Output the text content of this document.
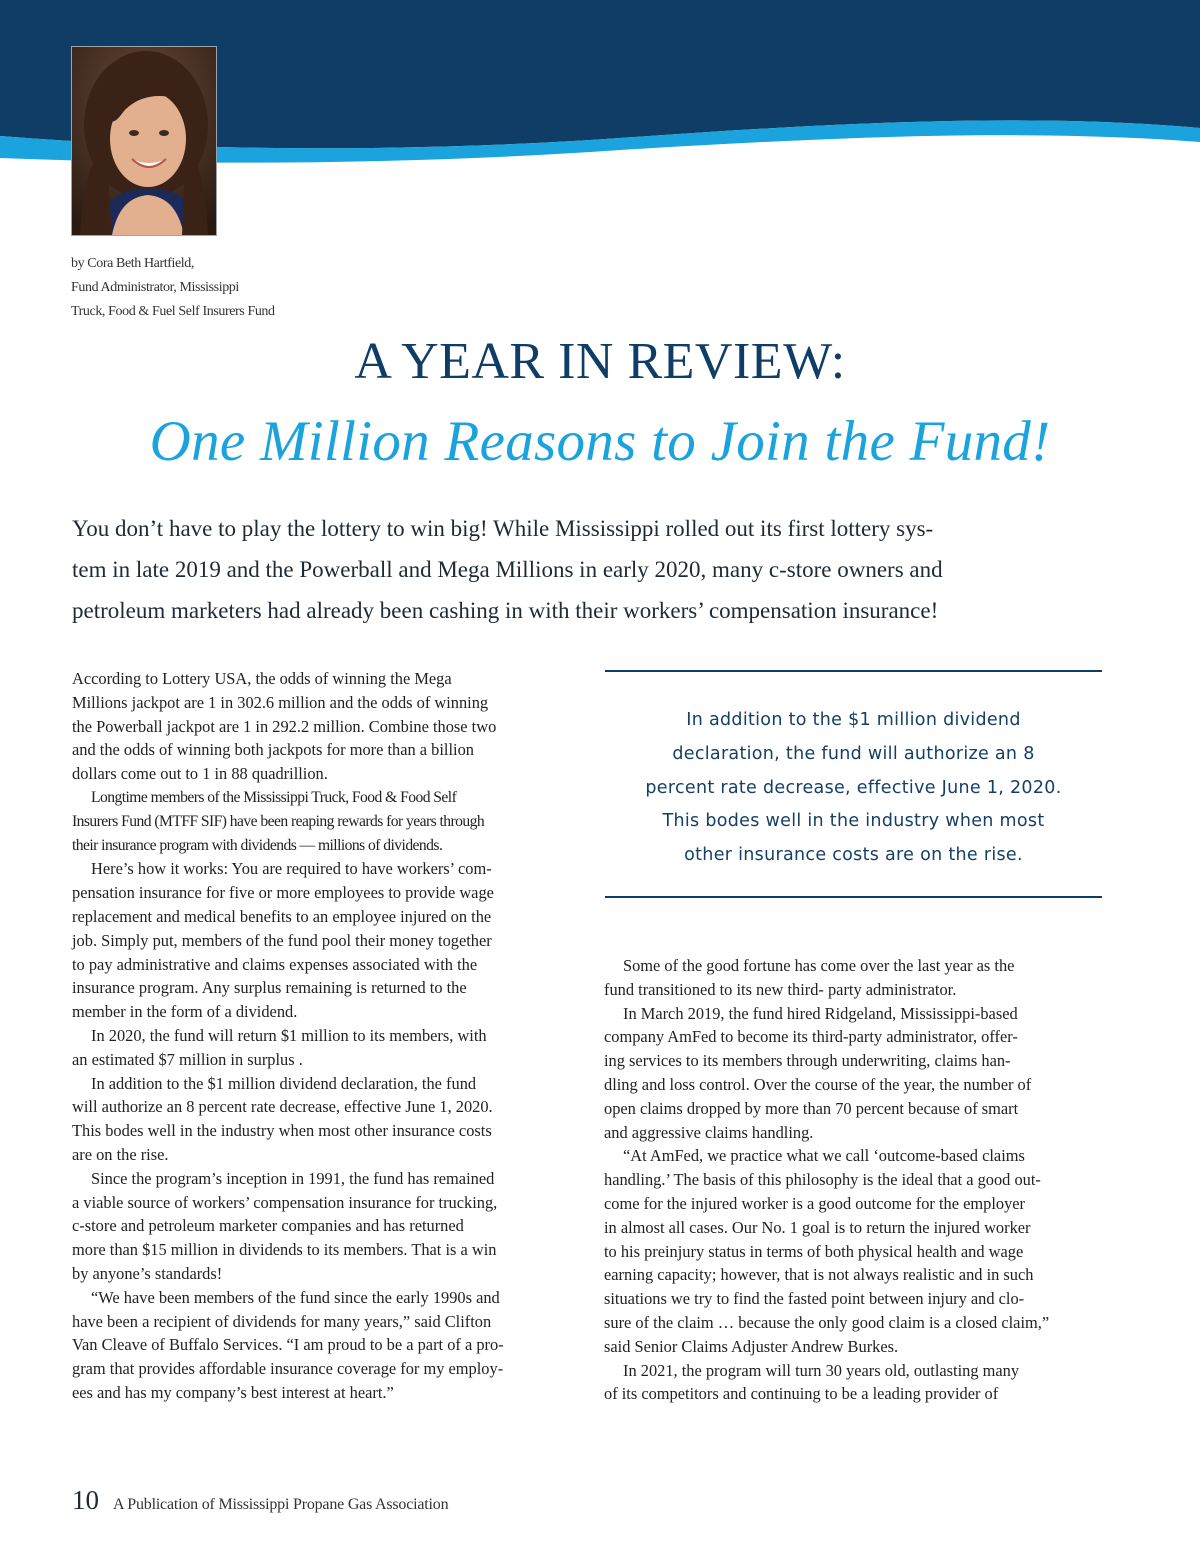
by Cora Beth Hartfield,
Fund Administrator, Mississippi
Truck, Food & Fuel Self Insurers Fund
A YEAR IN REVIEW:
One Million Reasons to Join the Fund!
You don’t have to play the lottery to win big! While Mississippi rolled out its first lottery sys-
tem in late 2019 and the Powerball and Mega Millions in early 2020, many c-store owners and
petroleum marketers had already been cashing in with their workers’ compensation insurance!
According to Lottery USA, the odds of winning the Mega
Millions jackpot are 1 in 302.6 million and the odds of winning
the Powerball jackpot are 1 in 292.2 million. Combine those two
and the odds of winning both jackpots for more than a billion
dollars come out to 1 in 88 quadrillion.
Longtime members of the Mississippi Truck, Food & Food Self
Insurers Fund (MTFF SIF) have been reaping rewards for years through
their insurance program with dividends — millions of dividends.
Here’s how it works: You are required to have workers’ com-
pensation insurance for five or more employees to provide wage
replacement and medical benefits to an employee injured on the
job. Simply put, members of the fund pool their money together
to pay administrative and claims expenses associated with the
insurance program. Any surplus remaining is returned to the
member in the form of a dividend.
In 2020, the fund will return $1 million to its members, with
an estimated $7 million in surplus .
In addition to the $1 million dividend declaration, the fund
will authorize an 8 percent rate decrease, effective June 1, 2020.
This bodes well in the industry when most other insurance costs
are on the rise.
Since the program’s inception in 1991, the fund has remained
a viable source of workers’ compensation insurance for trucking,
c-store and petroleum marketer companies and has returned
more than $15 million in dividends to its members. That is a win
by anyone’s standards!
“We have been members of the fund since the early 1990s and
have been a recipient of dividends for many years,” said Clifton
Van Cleave of Buffalo Services. “I am proud to be a part of a pro-
gram that provides affordable insurance coverage for my employ-
ees and has my company’s best interest at heart.”
In addition to the $1 million dividend
declaration, the fund will authorize an 8
percent rate decrease, effective June 1, 2020.
This bodes well in the industry when most
other insurance costs are on the rise.
Some of the good fortune has come over the last year as the
fund transitioned to its new third- party administrator.
In March 2019, the fund hired Ridgeland, Mississippi-based
company AmFed to become its third-party administrator, offer-
ing services to its members through underwriting, claims han-
dling and loss control. Over the course of the year, the number of
open claims dropped by more than 70 percent because of smart
and aggressive claims handling.
“At AmFed, we practice what we call ‘outcome-based claims
handling.’ The basis of this philosophy is the ideal that a good out-
come for the injured worker is a good outcome for the employer
in almost all cases. Our No. 1 goal is to return the injured worker
to his preinjury status in terms of both physical health and wage
earning capacity; however, that is not always realistic and in such
situations we try to find the fasted point between injury and clo-
sure of the claim … because the only good claim is a closed claim,”
said Senior Claims Adjuster Andrew Burkes.
In 2021, the program will turn 30 years old, outlasting many
of its competitors and continuing to be a leading provider of
10 A Publication of Mississippi Propane Gas Association
